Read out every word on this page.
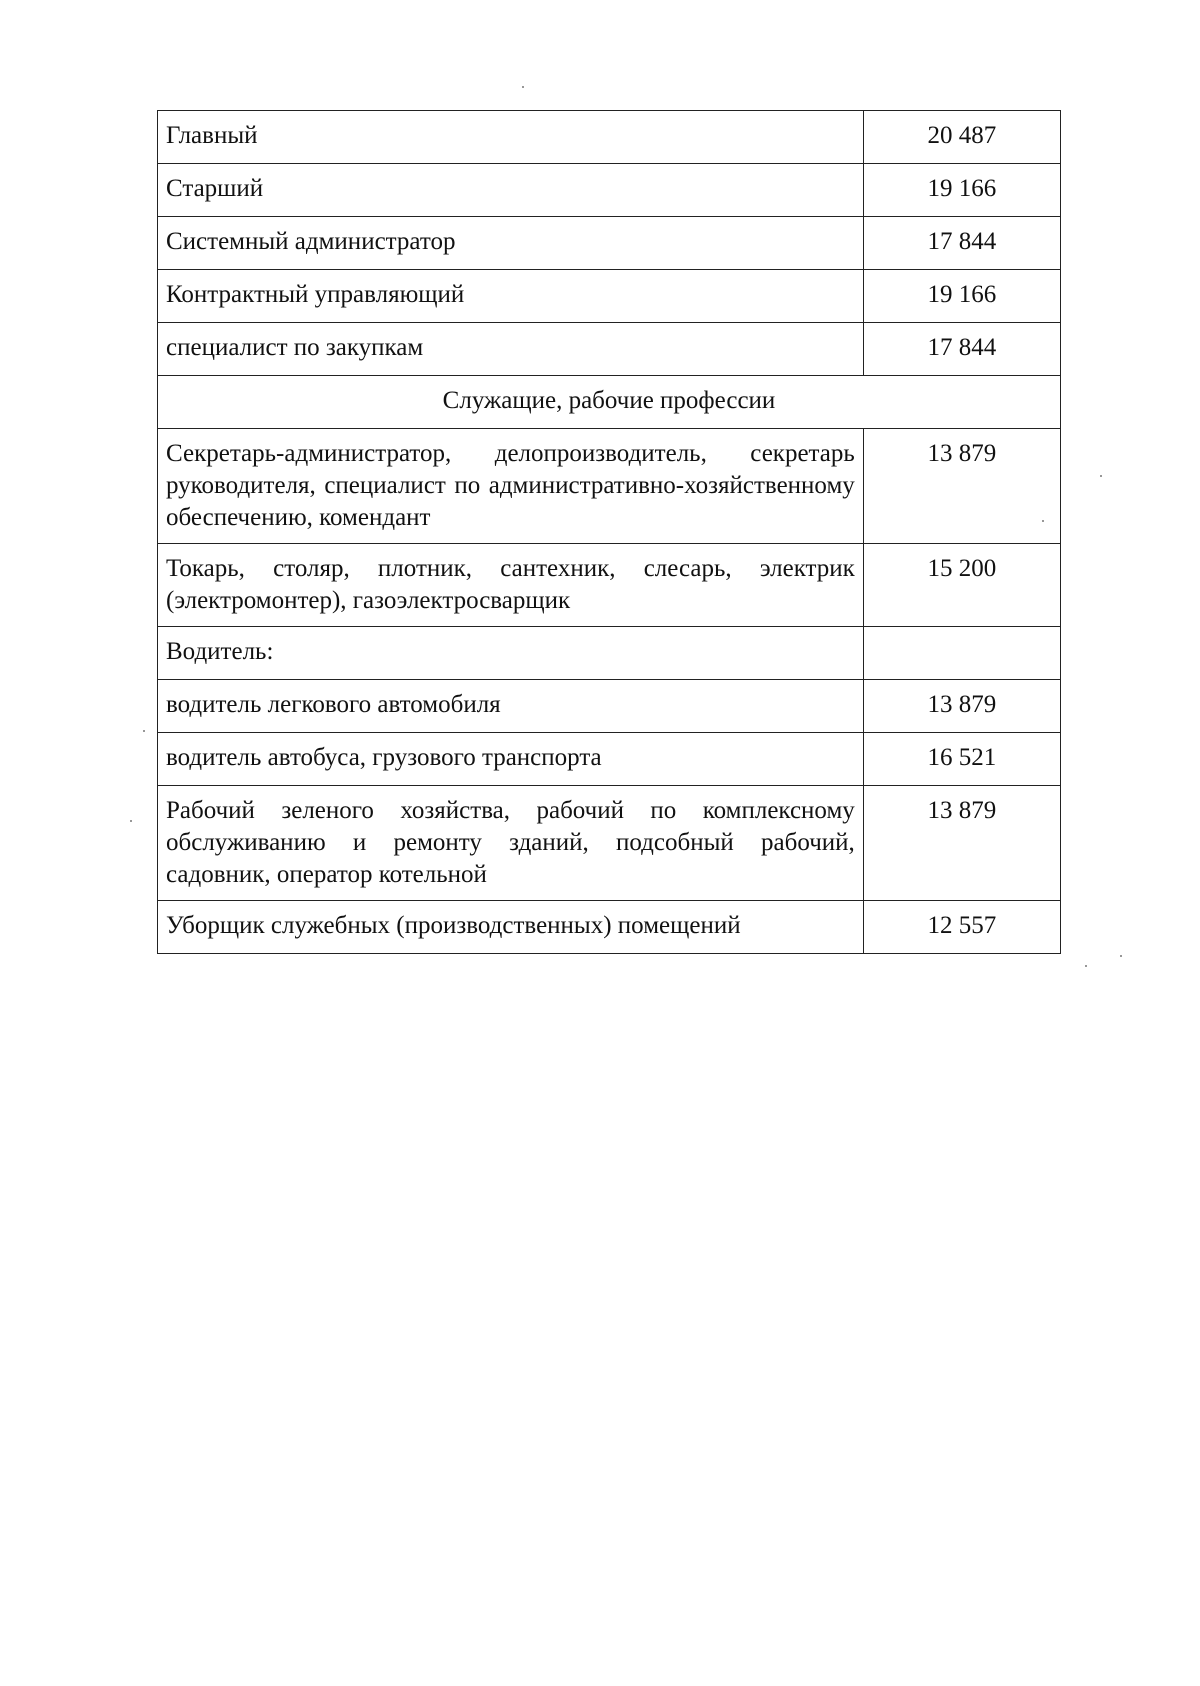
Главный	20 487
Старший	19 166
Системный администратор	17 844
Контрактный управляющий	19 166
специалист по закупкам	17 844
Служащие, рабочие профессии	
Секретарь-администратор, делопроизводитель, секретарь руководителя, специалист по административно-хозяйственному обеспечению, комендант	13 879
Токарь, столяр, плотник, сантехник, слесарь, электрик (электромонтер), газоэлектросварщик	15 200
Водитель:	
водитель легкового автомобиля	13 879
водитель автобуса, грузового транспорта	16 521
Рабочий зеленого хозяйства, рабочий по комплексному обслуживанию и ремонту зданий, подсобный рабочий, садовник, оператор котельной	13 879
Уборщик служебных (производственных) помещений	12 557
